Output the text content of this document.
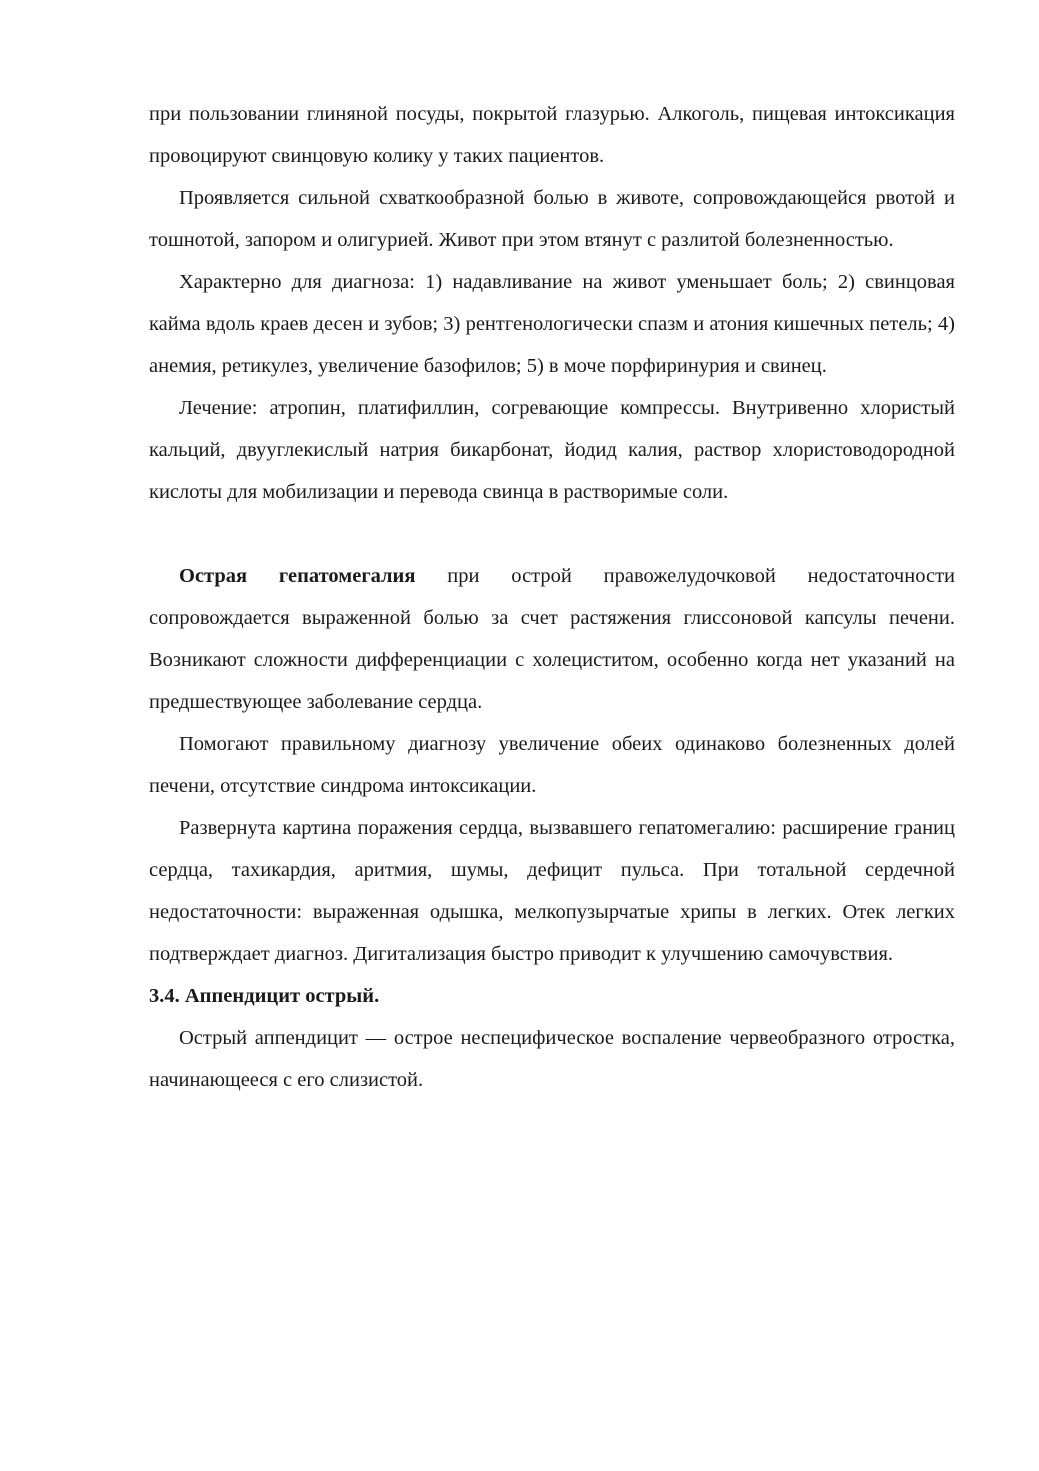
при пользовании глиняной посуды, покрытой глазурью. Алкоголь, пищевая интоксикация провоцируют свинцовую колику у таких пациентов.

Проявляется сильной схваткообразной болью в животе, сопровождающейся рвотой и тошнотой, запором и олигурией. Живот при этом втянут с разлитой болезненностью.

Характерно для диагноза: 1) надавливание на живот уменьшает боль; 2) свинцовая кайма вдоль краев десен и зубов; 3) рентгенологически спазм и атония кишечных петель; 4) анемия, ретикулез, увеличение базофилов; 5) в моче порфиринурия и свинец.

Лечение: атропин, платифиллин, согревающие компрессы. Внутривенно хлористый кальций, двууглекислый натрия бикарбонат, йодид калия, раствор хлористоводородной кислоты для мобилизации и перевода свинца в растворимые соли.

Острая гепатомегалия при острой правожелудочковой недостаточности сопровождается выраженной болью за счет растяжения глиссоновой капсулы печени. Возникают сложности дифференциации с холециститом, особенно когда нет указаний на предшествующее заболевание сердца.

Помогают правильному диагнозу увеличение обеих одинаково болезненных долей печени, отсутствие синдрома интоксикации.

Развернута картина поражения сердца, вызвавшего гепатомегалию: расширение границ сердца, тахикардия, аритмия, шумы, дефицит пульса. При тотальной сердечной недостаточности: выраженная одышка, мелкопузырчатые хрипы в легких. Отек легких подтверждает диагноз. Дигитализация быстро приводит к улучшению самочувствия.

3.4. Аппендицит острый.

Острый аппендицит — острое неспецифическое воспаление червеобразного отростка, начинающееся с его слизистой.
